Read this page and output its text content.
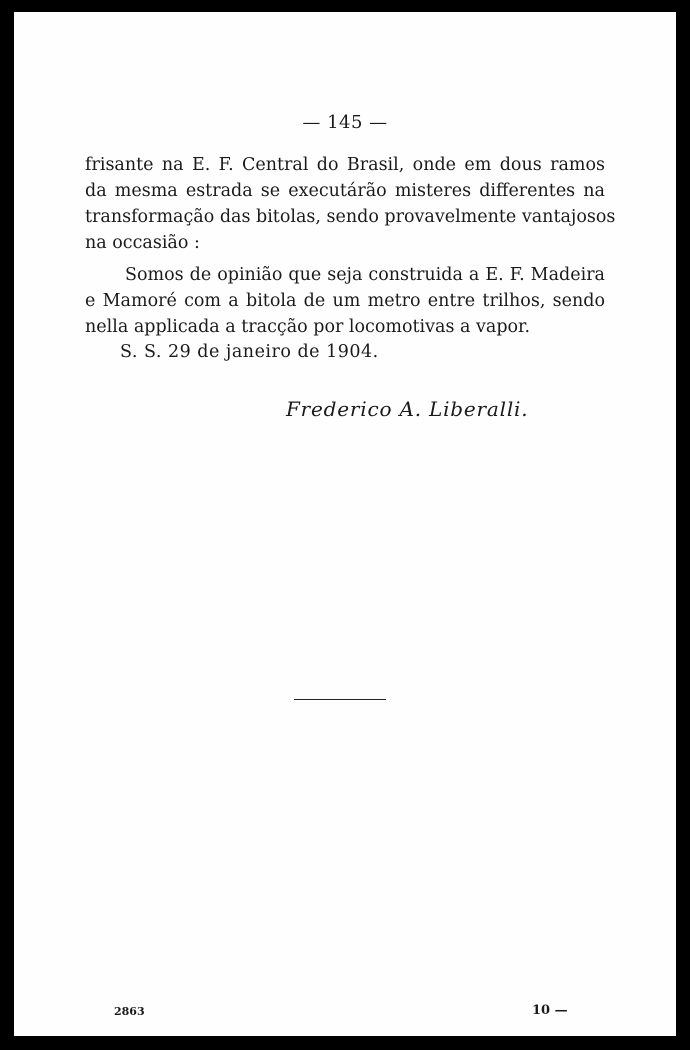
— 145 —
frisante na E. F. Central do Brasil, onde em dous ramos
da mesma estrada se executárão misteres differentes na
transformação das bitolas, sendo provavelmente vantajosos
na occasião :
Somos de opinião que seja construida a E. F. Madeira
e Mamoré com a bitola de um metro entre trilhos, sendo
nella applicada a tracção por locomotivas a vapor.
S. S. 29 de janeiro de 1904.
Frederico A. Liberalli.
2863	10 —
